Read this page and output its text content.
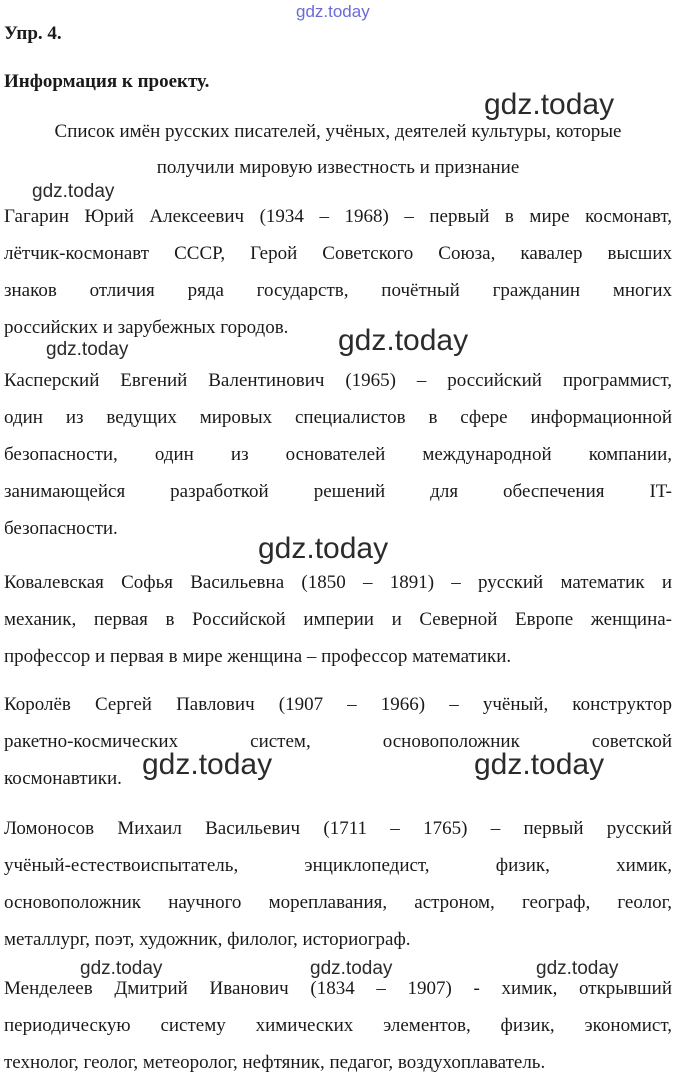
Упр. 4.
Информация к проекту.

Список имён русских писателей, учёных, деятелей культуры, которые

получили мировую известность и признание

Гагарин Юрий Алексеевич (1934 – 1968) – первый в мире космонавт,
лётчик-космонавт СССР, Герой Советского Союза, кавалер высших
знаков отличия ряда государств, почётный гражданин многих
российских и зарубежных городов.
Касперский Евгений Валентинович (1965) – российский программист,
один из ведущих мировых специалистов в сфере информационной
безопасности, один из основателей международной компании,
занимающейся разработкой решений для обеспечения IT-
безопасности.
Ковалевская Софья Васильевна (1850 – 1891) – русский математик и
механик, первая в Российской империи и Северной Европе женщина-
профессор и первая в мире женщина – профессор математики.
Королёв Сергей Павлович (1907 – 1966) – учёный, конструктор
ракетно-космических систем, основоположник советской
космонавтики.
Ломоносов Михаил Васильевич (1711 – 1765) – первый русский
учёный-естествоиспытатель, энциклопедист, физик, химик,
основоположник научного мореплавания, астроном, географ, геолог,
металлург, поэт, художник, филолог, историограф.
Менделеев Дмитрий Иванович (1834 – 1907) - химик, открывший
периодическую систему химических элементов, физик, экономист,
технолог, геолог, метеоролог, нефтяник, педагог, воздухоплаватель.
gdz.today
gdz.today
gdz.today
gdz.today	gdz.today
gdz.today
gdz.today	gdz.today
gdz.today	gdz.today	gdz.today
